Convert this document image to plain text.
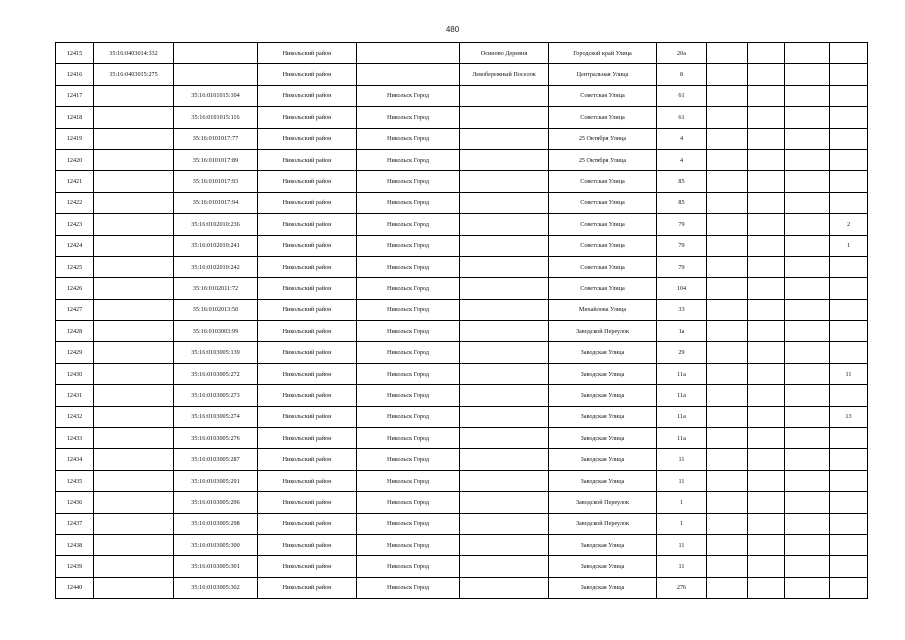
480
12415	35:16:0403014:332		Никольский район		Осиново Деревня	Городской край Улица	20а				
12416	35:16:0403015:275		Никольский район		Левобережный Поселок	Центральная Улица	8				
12417		35:16:0101015:104	Никольский район	Никольск Город		Советская Улица	61				
12418		35:16:0101015:116	Никольский район	Никольск Город		Советская Улица	61				
12419		35:16:0101017:77	Никольский район	Никольск Город		25 Октября Улица	4				
12420		35:16:0101017:89	Никольский район	Никольск Город		25 Октября Улица	4				
12421		35:16:0101017:93	Никольский район	Никольск Город		Советская Улица	85				
12422		35:16:0101017:94	Никольский район	Никольск Город		Советская Улица	85				
12423		35:16:0102010:236	Никольский район	Никольск Город		Советская Улица	79				2
12424		35:16:0102010:241	Никольский район	Никольск Город		Советская Улица	79				1
12425		35:16:0102010:242	Никольский район	Никольск Город		Советская Улица	79				
12426		35:16:0102011:72	Никольский район	Никольск Город		Советская Улица	104				
12427		35:16:0102013:50	Никольский район	Никольск Город		Михайлова Улица	33				
12428		35:16:0103003:99	Никольский район	Никольск Город		Заводской Переулок	1а				
12429		35:16:0103005:139	Никольский район	Никольск Город		Заводская Улица	29				
12430		35:16:0103005:272	Никольский район	Никольск Город		Заводская Улица	11а				11
12431		35:16:0103005:273	Никольский район	Никольск Город		Заводская Улица	11а				
12432		35:16:0103005:274	Никольский район	Никольск Город		Заводская Улица	11а				13
12433		35:16:0103005:276	Никольский район	Никольск Город		Заводская Улица	11а				
12434		35:16:0103005:287	Никольский район	Никольск Город		Заводская Улица	11				
12435		35:16:0103005:291	Никольский район	Никольск Город		Заводская Улица	11				
12436		35:16:0103005:296	Никольский район	Никольск Город		Заводской Переулок	1				
12437		35:16:0103005:298	Никольский район	Никольск Город		Заводской Переулок	1				
12438		35:16:0103005:300	Никольский район	Никольск Город		Заводская Улица	11				
12439		35:16:0103005:301	Никольский район	Никольск Город		Заводская Улица	11				
12440		35:16:0103005:302	Никольский район	Никольск Город		Заводская Улица	276				
